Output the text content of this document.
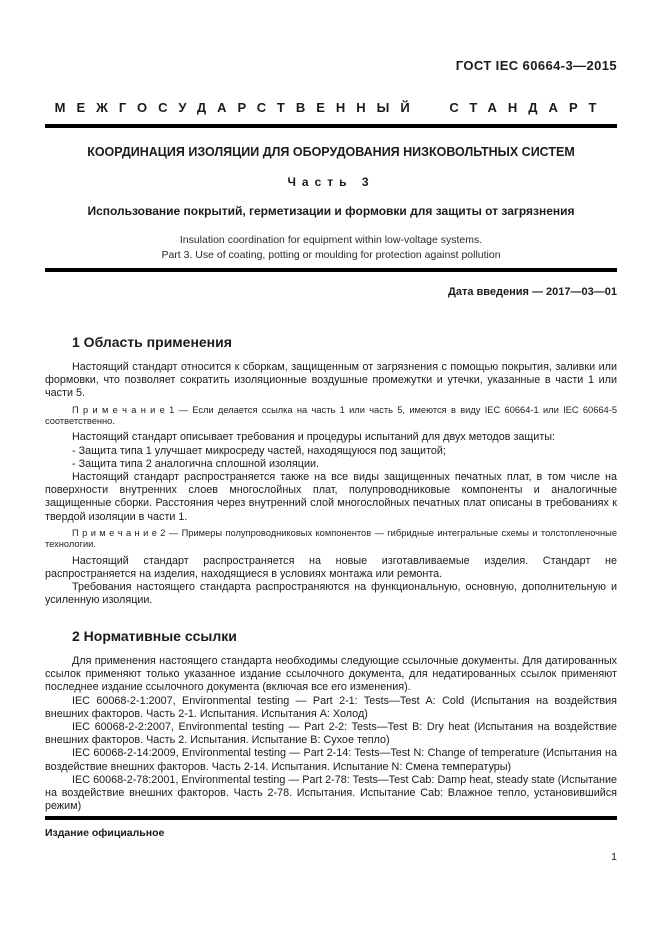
ГОСТ IEC 60664-3—2015
МЕЖГОСУДАРСТВЕННЫЙ СТАНДАРТ
КООРДИНАЦИЯ ИЗОЛЯЦИИ ДЛЯ ОБОРУДОВАНИЯ НИЗКОВОЛЬТНЫХ СИСТЕМ
Часть 3
Использование покрытий, герметизации и формовки для защиты от загрязнения
Insulation coordination for equipment within low-voltage systems.
Part 3. Use of coating, potting or moulding for protection against pollution
Дата введения — 2017—03—01
1 Область применения

Настоящий стандарт относится к сборкам, защищенным от загрязнения с помощью покрытия, заливки или формовки, что позволяет сократить изоляционные воздушные промежутки и утечки, указанные в части 1 или части 5.

П р и м е ч а н и е 1 — Если делается ссылка на часть 1 или часть 5, имеются в виду IEC 60664-1 или IEC 60664-5 соответственно.

Настоящий стандарт описывает требования и процедуры испытаний для двух методов защиты:

- Защита типа 1 улучшает микросреду частей, находящуюся под защитой;

- Защита типа 2 аналогична сплошной изоляции.

Настоящий стандарт распространяется также на все виды защищенных печатных плат, в том числе на поверхности внутренних слоев многослойных плат, полупроводниковые компоненты и аналогичные защищенные сборки. Расстояния через внутренний слой многослойных печатных плат описаны в требованиях к твердой изоляции в части 1.

П р и м е ч а н и е 2 — Примеры полупроводниковых компонентов — гибридные интегральные схемы и толстопленочные технологии.

Настоящий стандарт распространяется на новые изготавливаемые изделия. Стандарт не распространяется на изделия, находящиеся в условиях монтажа или ремонта.

Требования настоящего стандарта распространяются на функциональную, основную, дополнительную и усиленную изоляции.

2 Нормативные ссылки

Для применения настоящего стандарта необходимы следующие ссылочные документы. Для датированных ссылок применяют только указанное издание ссылочного документа, для недатированных ссылок применяют последнее издание ссылочного документа (включая все его изменения).

IEC 60068-2-1:2007, Environmental testing — Part 2-1: Tests—Test A: Cold (Испытания на воздействия внешних факторов. Часть 2-1. Испытания. Испытания А: Холод)

IEC 60068-2-2:2007, Environmental testing — Part 2-2: Tests—Test B: Dry heat (Испытания на воздействие внешних факторов. Часть 2. Испытания. Испытание B: Сухое тепло)

IEC 60068-2-14:2009, Environmental testing — Part 2-14: Tests—Test N: Change of temperature (Испытания на воздействие внешних факторов. Часть 2-14. Испытания. Испытание N: Смена температуры)

IEC 60068-2-78:2001, Environmental testing — Part 2-78: Tests—Test Cab: Damp heat, steady state (Испытание на воздействие внешних факторов. Часть 2-78. Испытания. Испытание Cab: Влажное тепло, установившийся режим)

Издание официальное
1
